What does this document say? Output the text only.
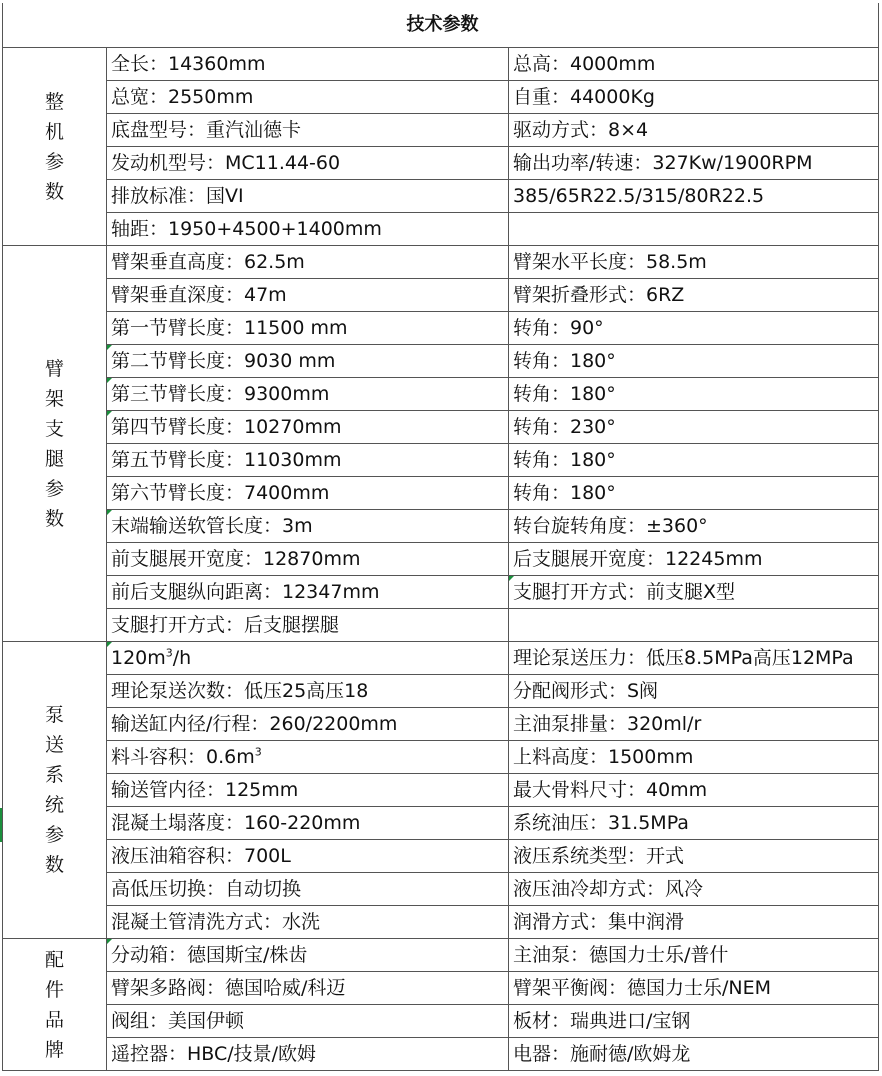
技术参数		
整机参数	全长：14360mm	总高：4000mm
	总宽：2550mm	自重：44000Kg
	底盘型号：重汽汕德卡	驱动方式：8×4
	发动机型号：MC11.44-60	输出功率/转速：327Kw/1900RPM
	排放标准：国VI	385/65R22.5/315/80R22.5
	轴距：1950+4500+1400mm	
臂架支腿参数	臂架垂直高度：62.5m	臂架水平长度：58.5m
	臂架垂直深度：47m	臂架折叠形式：6RZ
	第一节臂长度：11500 mm	转角：90°
	第二节臂长度：9030 mm	转角：180°
	第三节臂长度：9300mm	转角：180°
	第四节臂长度：10270mm	转角：230°
	第五节臂长度：11030mm	转角：180°
	第六节臂长度：7400mm	转角：180°
	末端输送软管长度：3m	转台旋转角度：±360°
	前支腿展开宽度：12870mm	后支腿展开宽度：12245mm
	前后支腿纵向距离：12347mm	支腿打开方式：前支腿X型

	支腿打开方式：后支腿摆腿	
泵送系统参数	$120m^3/h$	理论泵送压力：低压8.5MPa高压12MPa
	理论泵送次数：低压25高压18	分配阀形式：S阀
	输送缸内径/行程：260/2200mm	主油泵排量：320ml/r
	料斗容积：$0.6m^3$	上料高度：1500mm
	输送管内径：125mm	最大骨料尺寸：40mm
	混凝土塌落度：160-220mm	系统油压：31.5MPa
	液压油箱容积：700L	液压系统类型：开式
	高低压切换：自动切换	液压油冷却方式：风冷
	混凝土管清洗方式：水洗	润滑方式：集中润滑
配件品牌	分动箱：德国斯宝/株齿	主油泵：德国力士乐/普什
	臂架多路阀：德国哈威/科迈	臂架平衡阀：德国力士乐/NEM
	阀组：美国伊顿	板材：瑞典进口/宝钢
	遥控器：HBC/技景/欧姆	电器：施耐德/欧姆龙
